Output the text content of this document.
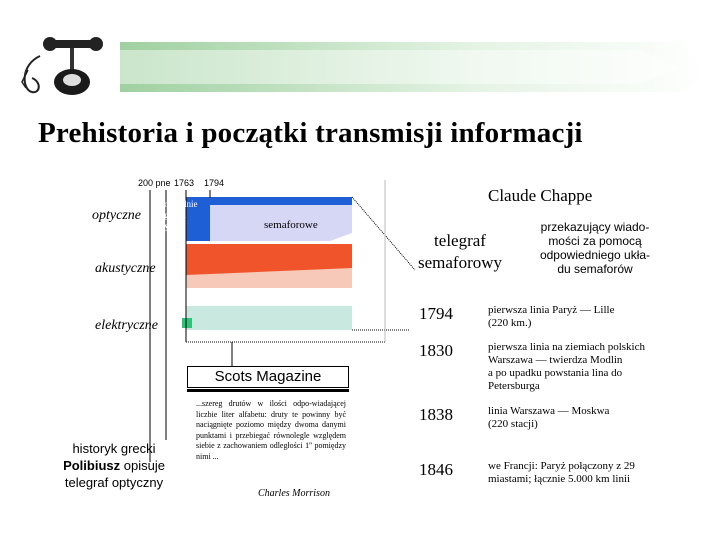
Prehistoria i początki transmisji informacji
200 pne 1763 1794
optyczne
akustyczne
elektryczne
pochodnie
ognisla
dym	semaforowe
historyk grecki
Polibiusz opisuje
telegraf optyczny
Scots Magazine
...szereg drutów w ilości odpo-wiadającej liczbie liter alfabetu: druty te powinny być naciągnięte poziomo między dwoma danymi punktami i przebiegać równolegle względem siebie z zachowaniem odległości 1'' pomiędzy nimi ...
Charles Morrison
Claude Chappe
telegraf
semaforowy
przekazujący wiado-
mości za pomocą
odpowiedniego ukła-
du semaforów
1794	pierwsza linia Paryż — Lille
(220 km.)
1830	pierwsza linia na ziemiach polskich
Warszawa — twierdza Modlin
a po upadku powstania lina do
Petersburga
1838	linia Warszawa — Moskwa
(220 stacji)
1846	we Francji: Paryż połączony z 29
miastami; łącznie 5.000 km linii
